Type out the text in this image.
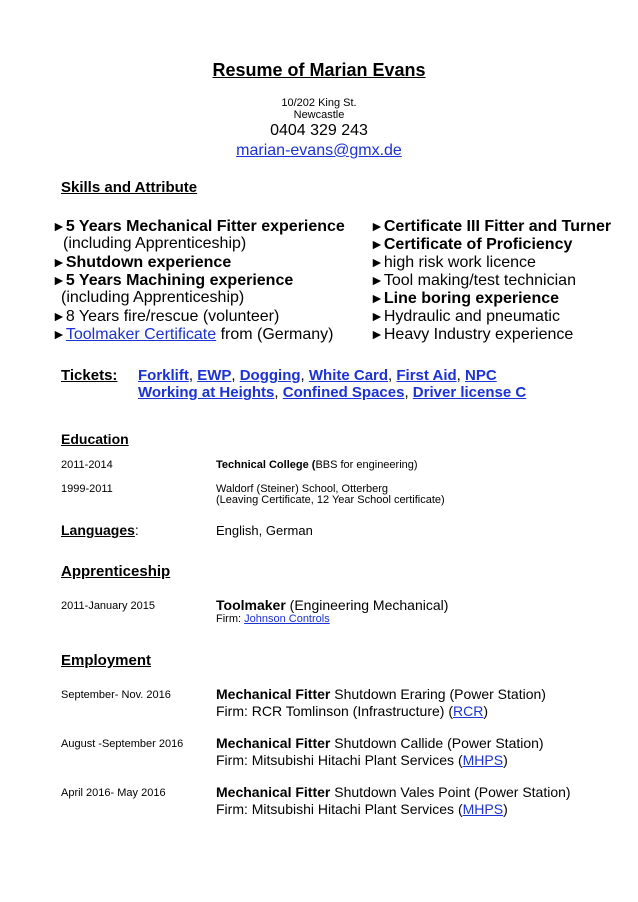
Resume of Marian Evans
10/202 King St.
Newcastle
0404 329 243
marian-evans@gmx.de
Skills and Attribute
►5 Years Mechanical Fitter experience
(including Apprenticeship)
►Shutdown experience
►5 Years Machining experience
(including Apprenticeship)
►8 Years fire/rescue (volunteer)
►Toolmaker Certificate from (Germany)
►Certificate III Fitter and Turner
►Certificate of Proficiency
►high risk work licence
►Tool making/test technician
►Line boring experience
►Hydraulic and pneumatic
►Heavy Industry experience
Tickets: Forklift, EWP, Dogging, White Card, First Aid, NPC
Working at Heights, Confined Spaces, Driver license C
Education
2011-2014	Technical College (BBS for engineering)
1999-2011	Waldorf (Steiner) School, Otterberg
(Leaving Certificate, 12 Year School certificate)
Languages:	English, German
Apprenticeship
2011-January 2015	Toolmaker (Engineering Mechanical)
Firm: Johnson Controls
Employment
September- Nov. 2016	Mechanical Fitter Shutdown Eraring (Power Station)
Firm: RCR Tomlinson (Infrastructure) (RCR)
August -September 2016 Mechanical Fitter Shutdown Callide (Power Station)
Firm: Mitsubishi Hitachi Plant Services (MHPS)
April 2016- May 2016	Mechanical Fitter Shutdown Vales Point (Power Station)
Firm: Mitsubishi Hitachi Plant Services (MHPS)
